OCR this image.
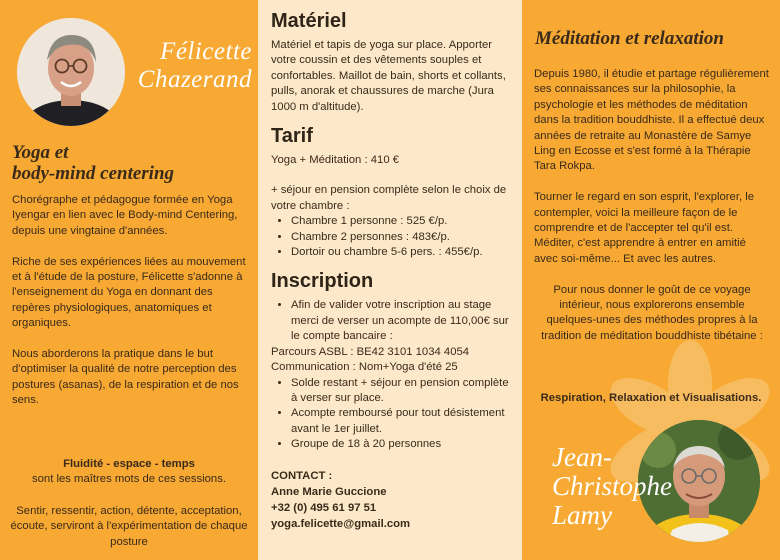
Félicette
Chazerand
Yoga et
body-mind centering

Chorégraphe et pédagogue formée en Yoga Iyengar en lien avec le Body-mind Centering, depuis une vingtaine d'années.

Riche de ses expériences liées au mouvement et à l'étude de la posture, Félicette s'adonne à l'enseignement du Yoga en donnant des repères physiologiques, anatomiques et organiques.

Nous aborderons la pratique dans le but d'optimiser la qualité de notre perception des postures (asanas), de la respiration et de nos sens.

Fluidité - espace - temps
sont les maîtres mots de ces sessions.
Sentir, ressentir, action, détente, acceptation, écoute, serviront à l'expérimentation de chaque posture
Matériel

Matériel et tapis de yoga sur place. Apporter votre coussin et des vêtements souples et confortables. Maillot de bain, shorts et collants, pulls, anorak et chaussures de marche (Jura 1000 m d'altitude).

Tarif

Yoga + Méditation : 410 €

+ séjour en pension complète selon le choix de votre chambre :

• Chambre 1 personne : 525 €/p.
• Chambre 2 personnes : 483€/p.
• Dortoir ou chambre 5-6 pers. : 455€/p.
Inscription
• Afin de valider votre inscription au stage merci de verser un acompte de 110,00€ sur le compte bancaire :

Parcours ASBL : BE42 3101 1034 4054

Communication : Nom+Yoga d'été 25

• Solde restant + séjour en pension complète à verser sur place.
• Acompte remboursé pour tout désistement avant le 1er juillet.
• Groupe de 18 à 20 personnes
CONTACT :
Anne Marie Guccione
+32 (0) 495 61 97 51
yoga.felicette@gmail.com
Méditation et relaxation

Depuis 1980, il étudie et partage régulièrement ses connaissances sur la philosophie, la psychologie et les méthodes de méditation dans la tradition bouddhiste. Il a effectué deux années de retraite au Monastère de Samye Ling en Ecosse et s'est formé à la Thérapie Tara Rokpa.

Tourner le regard en son esprit, l'explorer, le contempler, voici la meilleure façon de le comprendre et de l'accepter tel qu'il est. Méditer, c'est apprendre à entrer en amitié avec soi-même... Et avec les autres.

Pour nous donner le goût de ce voyage intérieur, nous explorerons ensemble quelques-unes des méthodes propres à la tradition de méditation bouddhiste tibétaine :

Respiration, Relaxation et Visualisations.
Jean-
Christophe
Lamy
